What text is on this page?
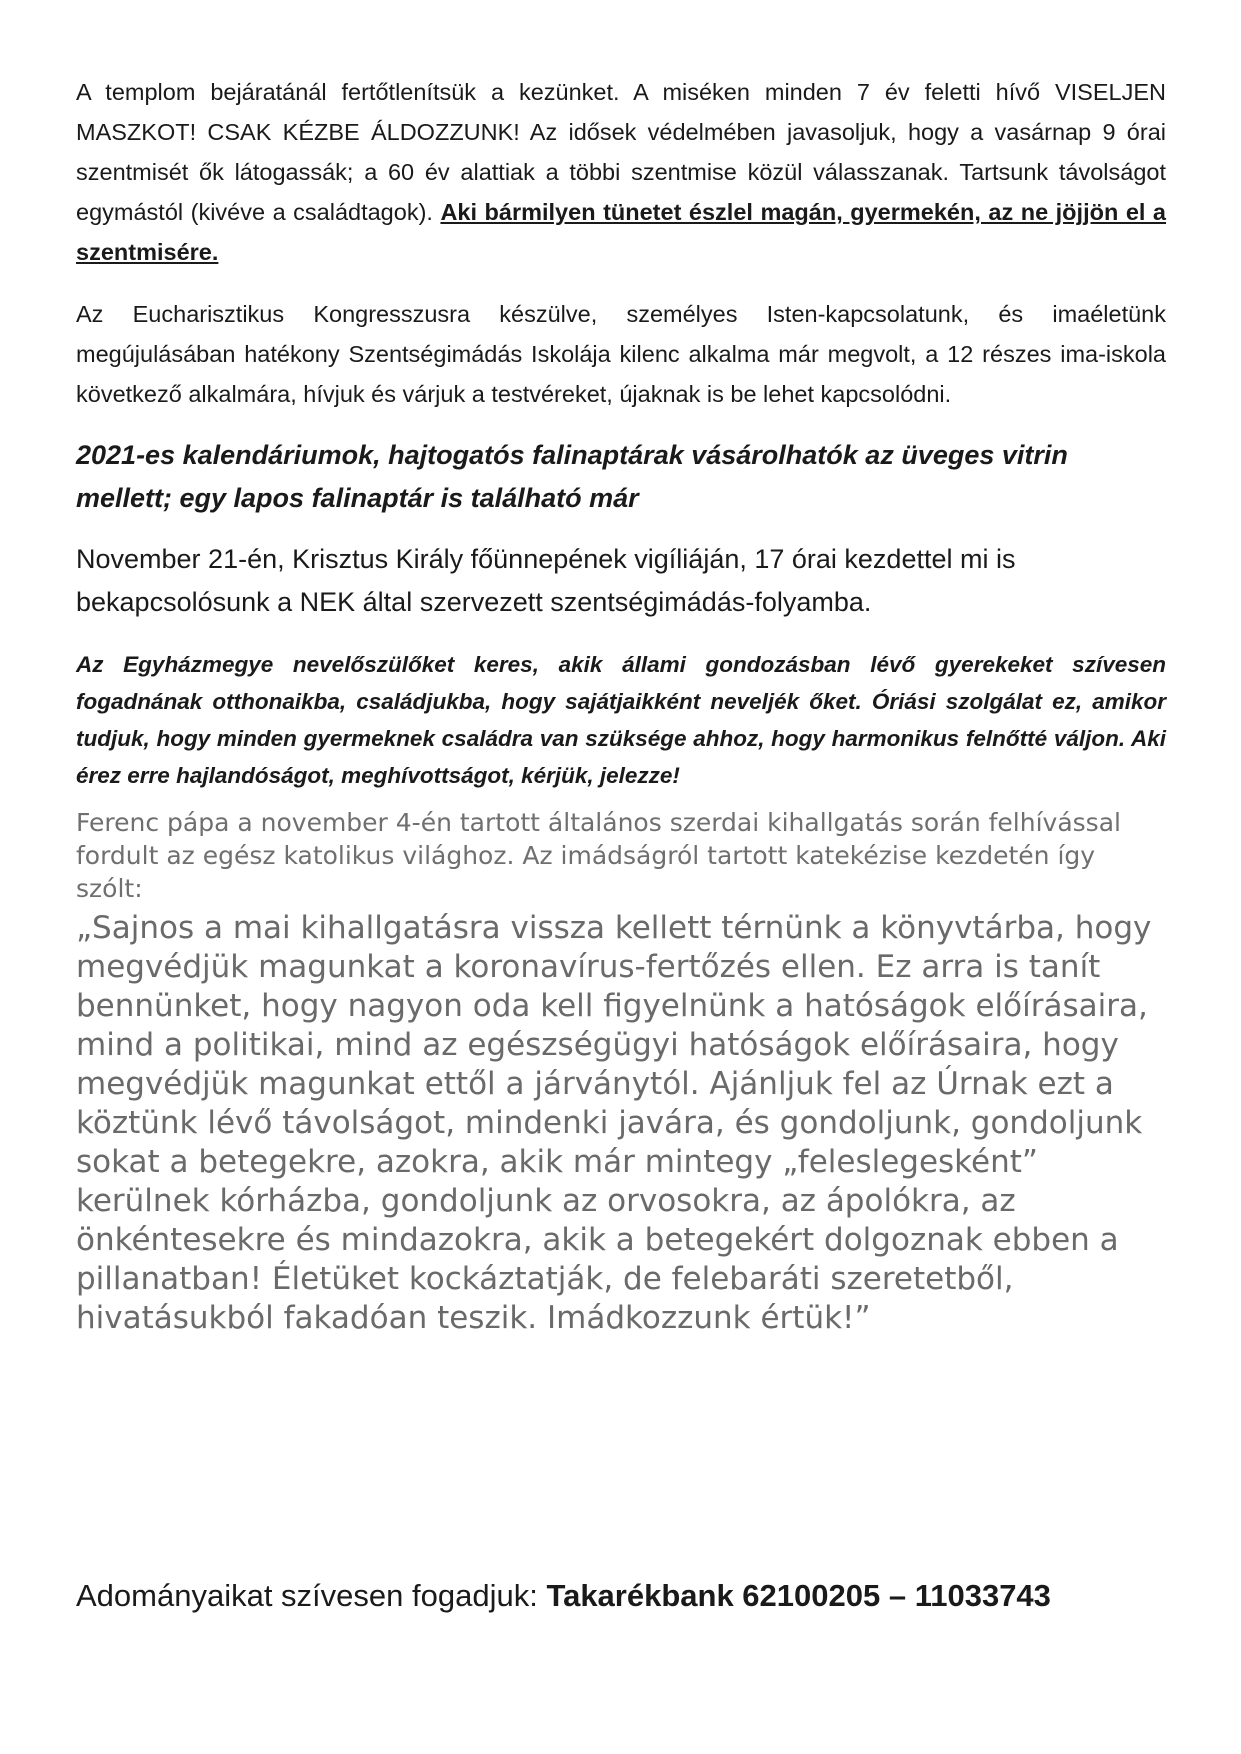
A templom bejáratánál fertőtlenítsük a kezünket. A miséken minden 7 év feletti hívő VISELJEN MASZKOT! CSAK KÉZBE ÁLDOZZUNK! Az idősek védelmében javasoljuk, hogy a vasárnap 9 órai szentmisét ők látogassák; a 60 év alattiak a többi szentmise közül válasszanak. Tartsunk távolságot egymástól (kivéve a családtagok). Aki bármilyen tünetet észlel magán, gyermekén, az ne jöjjön el a szentmisére.

Az Eucharisztikus Kongresszusra készülve, személyes Isten-kapcsolatunk, és imaéletünk megújulásában hatékony Szentségimádás Iskolája kilenc alkalma már megvolt, a 12 részes ima-iskola következő alkalmára, hívjuk és várjuk a testvéreket, újaknak is be lehet kapcsolódni.

2021-es kalendáriumok, hajtogatós falinaptárak vásárolhatók az üveges vitrin mellett; egy lapos falinaptár is található már

November 21-én, Krisztus Király főünnepének vigíliáján, 17 órai kezdettel mi is bekapcsolósunk a NEK által szervezett szentségimádás-folyamba.

Az Egyházmegye nevelőszülőket keres, akik állami gondozásban lévő gyerekeket szívesen fogadnának otthonaikba, családjukba, hogy sajátjaikként neveljék őket. Óriási szolgálat ez, amikor tudjuk, hogy minden gyermeknek családra van szüksége ahhoz, hogy harmonikus felnőtté váljon. Aki érez erre hajlandóságot, meghívottságot, kérjük, jelezze!

Ferenc pápa a november 4-én tartott általános szerdai kihallgatás során felhívással fordult az egész katolikus világhoz. Az imádságról tartott katekézise kezdetén így szólt:

„Sajnos a mai kihallgatásra vissza kellett térnünk a könyvtárba, hogy megvédjük magunkat a koronavírus-fertőzés ellen. Ez arra is tanít bennünket, hogy nagyon oda kell figyelnünk a hatóságok előírásaira, mind a politikai, mind az egészségügyi hatóságok előírásaira, hogy megvédjük magunkat ettől a járványtól. Ajánljuk fel az Úrnak ezt a köztünk lévő távolságot, mindenki javára, és gondoljunk, gondoljunk sokat a betegekre, azokra, akik már mintegy „feleslegesként” kerülnek kórházba, gondoljunk az orvosokra, az ápolókra, az önkéntesekre és mindazokra, akik a betegekért dolgoznak ebben a pillanatban! Életüket kockáztatják, de felebaráti szeretetből, hivatásukból fakadóan teszik. Imádkozzunk értük!”

Adományaikat szívesen fogadjuk: Takarékbank 62100205 – 11033743
